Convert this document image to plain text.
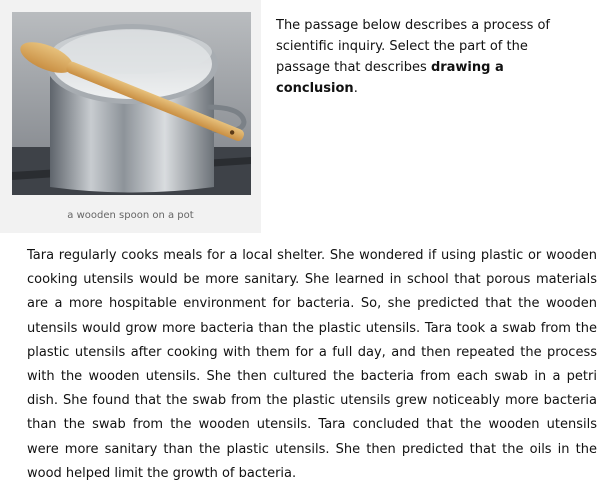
a wooden spoon on a pot
The passage below describes a process of scientific inquiry. Select the part of the passage that describes drawing a conclusion.
Tara regularly cooks meals for a local shelter. She wondered if using plastic or wooden cooking utensils would be more sanitary. She learned in school that porous materials are a more hospitable environment for bacteria. So, she predicted that the wooden utensils would grow more bacteria than the plastic utensils. Tara took a swab from the plastic utensils after cooking with them for a full day, and then repeated the process with the wooden utensils. She then cultured the bacteria from each swab in a petri dish. She found that the swab from the plastic utensils grew noticeably more bacteria than the swab from the wooden utensils. Tara concluded that the wooden utensils were more sanitary than the plastic utensils. She then predicted that the oils in the wood helped limit the growth of bacteria.
